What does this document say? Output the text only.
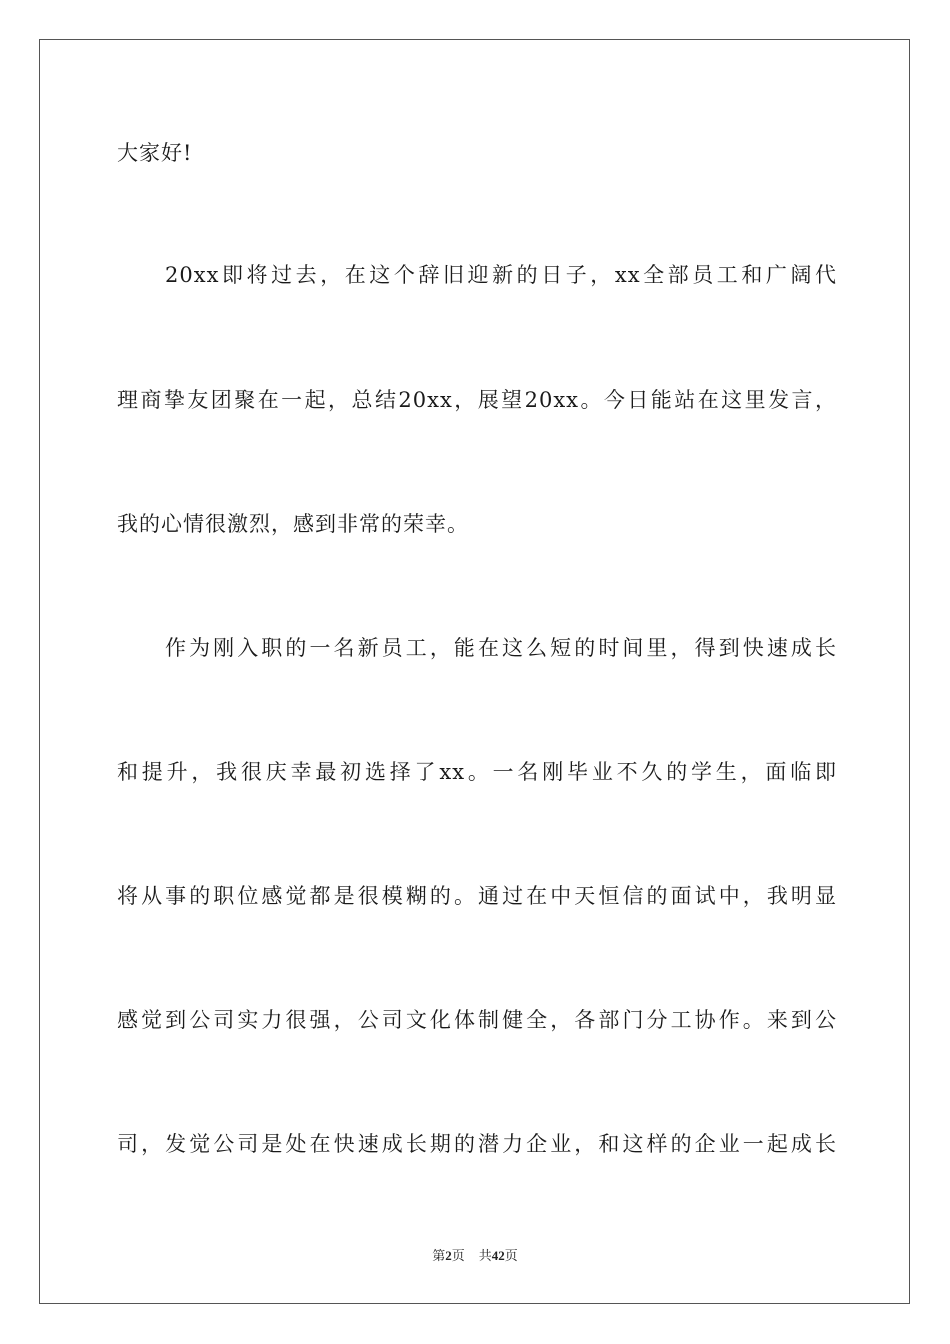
大家好!
20xx即将过去，在这个辞旧迎新的日子，xx全部员工和广阔代
理商挚友团聚在一起，总结20xx，展望20xx。今日能站在这里发言，
我的心情很激烈，感到非常的荣幸。
作为刚入职的一名新员工，能在这么短的时间里，得到快速成长
和提升，我很庆幸最初选择了xx。一名刚毕业不久的学生，面临即
将从事的职位感觉都是很模糊的。通过在中天恒信的面试中，我明显
感觉到公司实力很强，公司文化体制健全，各部门分工协作。来到公
司，发觉公司是处在快速成长期的潜力企业，和这样的企业一起成长
第2页 共42页
